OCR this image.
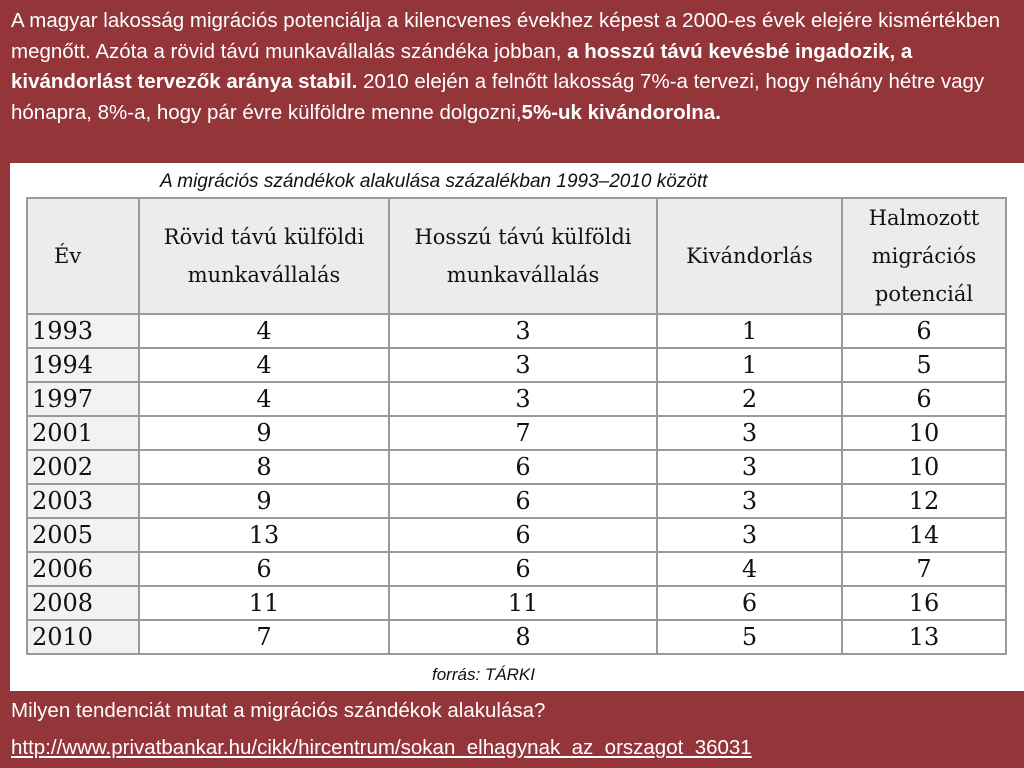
A magyar lakosság migrációs potenciálja a kilencvenes évekhez képest a 2000-es évek elejére kismértékben megnőtt. Azóta a rövid távú munkavállalás szándéka jobban, a hosszú távú kevésbé ingadozik, a kivándorlást tervezők aránya stabil. 2010 elején a felnőtt lakosság 7%-a tervezi, hogy néhány hétre vagy hónapra, 8%-a, hogy pár évre külföldre menne dolgozni,5%-uk kivándorolna.
A migrációs szándékok alakulása százalékban 1993–2010 között
Év	Rövid távú külföldi munkavállalás	Hosszú távú külföldi munkavállalás	Kivándorlás	Halmozott migrációs potenciál
1993	4	3	1	6
1994	4	3	1	5
1997	4	3	2	6
2001	9	7	3	10
2002	8	6	3	10
2003	9	6	3	12
2005	13	6	3	14
2006	6	6	4	7
2008	11	11	6	16
2010	7	8	5	13
forrás: TÁRKI
Milyen tendenciát mutat a migrációs szándékok alakulása?
http://www.privatbankar.hu/cikk/hircentrum/sokan_elhagynak_az_orszagot_36031
